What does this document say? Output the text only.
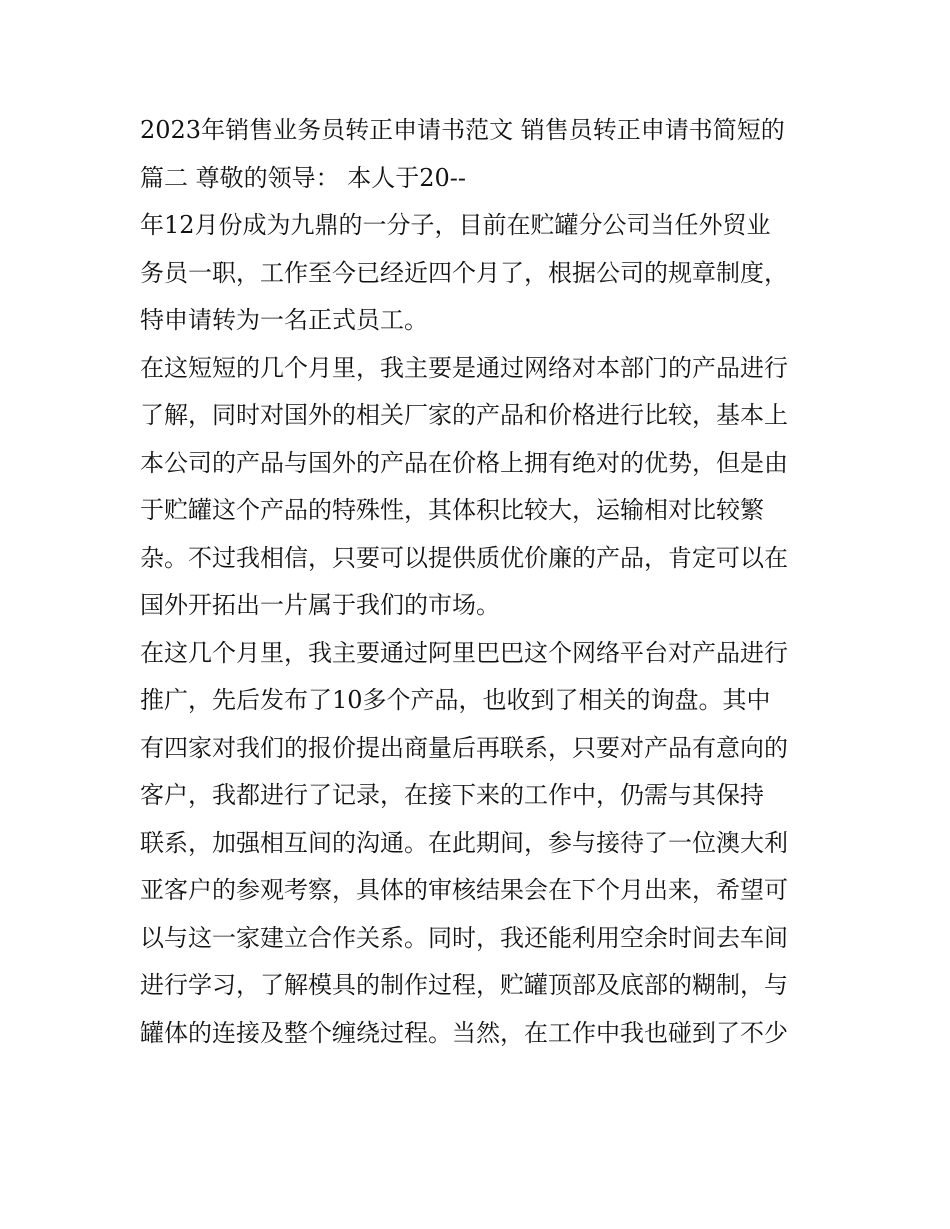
2023年销售业务员转正申请书范文 销售员转正申请书简短的
篇二 尊敬的领导： 本人于20--
年12月份成为九鼎的一分子，目前在贮罐分公司当任外贸业
务员一职，工作至今已经近四个月了，根据公司的规章制度，
特申请转为一名正式员工。
在这短短的几个月里，我主要是通过网络对本部门的产品进行
了解，同时对国外的相关厂家的产品和价格进行比较，基本上
本公司的产品与国外的产品在价格上拥有绝对的优势，但是由
于贮罐这个产品的特殊性，其体积比较大，运输相对比较繁
杂。不过我相信，只要可以提供质优价廉的产品，肯定可以在
国外开拓出一片属于我们的市场。
在这几个月里，我主要通过阿里巴巴这个网络平台对产品进行
推广，先后发布了10多个产品，也收到了相关的询盘。其中
有四家对我们的报价提出商量后再联系，只要对产品有意向的
客户，我都进行了记录，在接下来的工作中，仍需与其保持
联系，加强相互间的沟通。在此期间，参与接待了一位澳大利
亚客户的参观考察，具体的审核结果会在下个月出来，希望可
以与这一家建立合作关系。同时，我还能利用空余时间去车间
进行学习，了解模具的制作过程，贮罐顶部及底部的糊制，与
罐体的连接及整个缠绕过程。当然，在工作中我也碰到了不少
